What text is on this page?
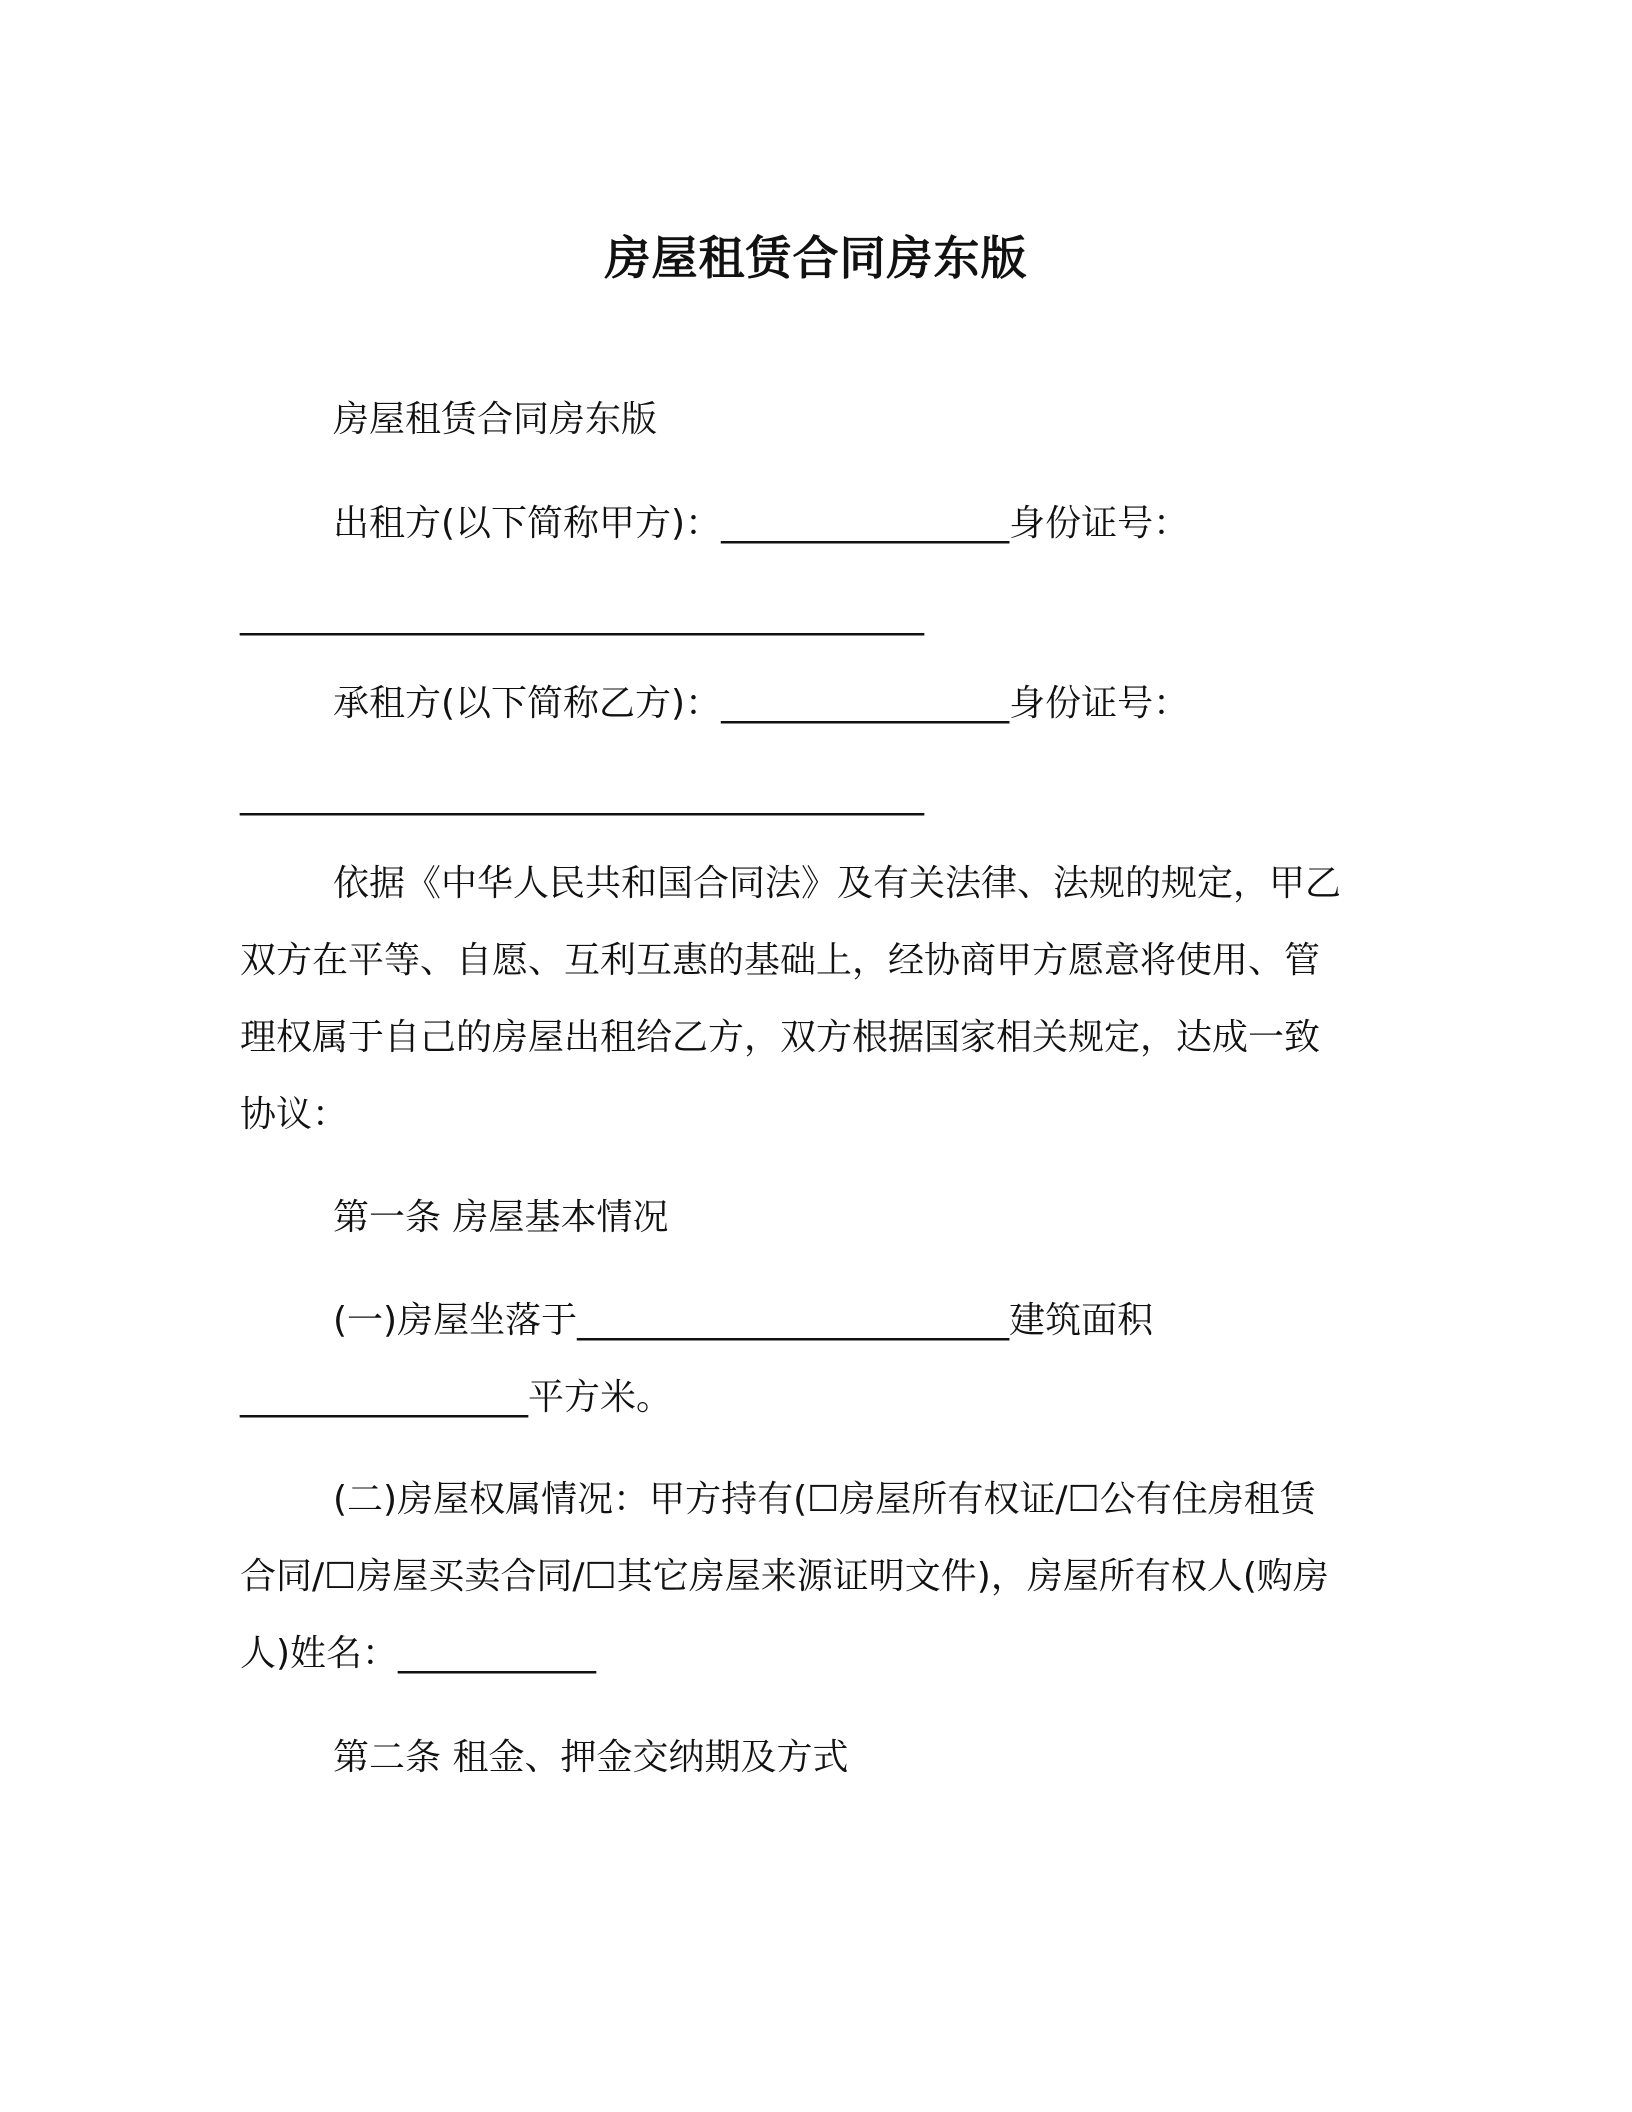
房屋租赁合同房东版
房屋租赁合同房东版
出租方(以下简称甲方)：________________身份证号：
______________________________________
承租方(以下简称乙方)：________________身份证号：
______________________________________
依据《中华人民共和国合同法》及有关法律、法规的规定，甲乙
双方在平等、自愿、互利互惠的基础上，经协商甲方愿意将使用、管
理权属于自己的房屋出租给乙方，双方根据国家相关规定，达成一致
协议：
第一条 房屋基本情况
(一)房屋坐落于________________________建筑面积
________________平方米。
(二)房屋权属情况：甲方持有(☐房屋所有权证/☐公有住房租赁
合同/☐房屋买卖合同/☐其它房屋来源证明文件)，房屋所有权人(购房
人)姓名：___________
第二条 租金、押金交纳期及方式
